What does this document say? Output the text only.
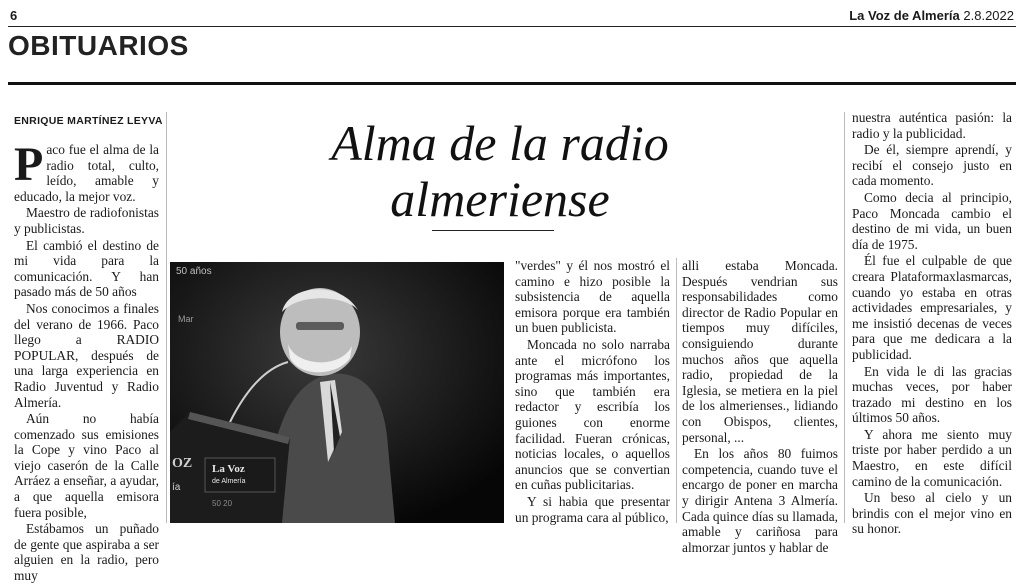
6	La Voz de Almería 2.8.2022
OBITUARIOS
ENRIQUE MARTÍNEZ LEYVA

Paco fue el alma de la radio total, culto, leído, amable y educado, la mejor voz.

Maestro de radiofonistas y publicistas.

El cambió el destino de mi vida para la comunicación. Y han pasado más de 50 años

Nos conocimos a finales del verano de 1966. Paco llego a RADIO POPULAR, después de una larga experiencia en Radio Juventud y Radio Almería.

Aún no había comenzado sus emisiones la Cope y vino Paco al viejo caserón de la Calle Arráez a enseñar, a ayudar, a que aquella emisora fuera posible,

Estábamos un puñado de gente que aspiraba a ser alguien en la radio, pero muy

Alma de la radio
almeriense
50 años
Mar
La Voz
de Almería
50 20
OZ
ía

"verdes" y él nos mostró el camino e hizo posible la subsistencia de aquella emisora porque era también un buen publicista.

Moncada no solo narraba ante el micrófono los programas más importantes, sino que también era redactor y escribía los guiones con enorme facilidad. Fueran crónicas, noticias locales, o aquellos anuncios que se convertian en cuñas publicitarias.

Y si habia que presentar un programa cara al público,

alli estaba Moncada. Después vendrian sus responsabilidades como director de Radio Popular en tiempos muy difíciles, consiguiendo durante muchos años que aquella radio, propiedad de la Iglesia, se metiera en la piel de los almerienses., lidiando con Obispos, clientes, personal, ...

En los años 80 fuimos competencia, cuando tuve el encargo de poner en marcha y dirigir Antena 3 Almería. Cada quince días su llamada, amable y cariñosa para almorzar juntos y hablar de

nuestra auténtica pasión: la radio y la publicidad.

De él, siempre aprendí, y recibí el consejo justo en cada momento.

Como decia al principio, Paco Moncada cambio el destino de mi vida, un buen día de 1975.

Él fue el culpable de que creara Plataformaxlasmarcas, cuando yo estaba en otras actividades empresariales, y me insistió decenas de veces para que me dedicara a la publicidad.

En vida le di las gracias muchas veces, por haber trazado mi destino en los últimos 50 años.

Y ahora me siento muy triste por haber perdido a un Maestro, en este difícil camino de la comunicación.

Un beso al cielo y un brindis con el mejor vino en su honor.
